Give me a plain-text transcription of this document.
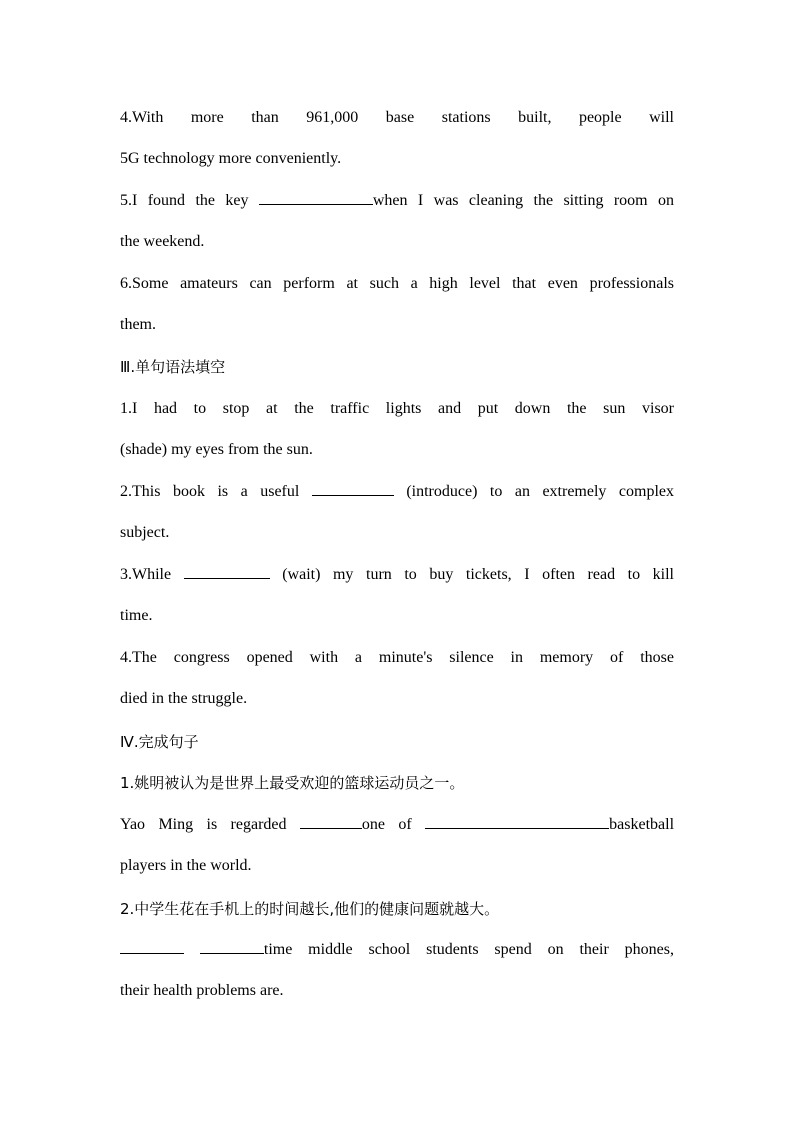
4.With more than 961,000 base stations built, people will
5G technology more conveniently.
5.I found the key	when I was cleaning the sitting room on
the weekend.
6.Some amateurs can perform at such a high level that even professionals
them.
Ⅲ.单句语法填空
1.I had to stop at the traffic lights and put down the sun visor
(shade) my eyes from the sun.
2.This book is a useful	(introduce) to an extremely complex
subject.
3.While	(wait) my turn to buy tickets, I often read to kill
time.
4.The congress opened with a minute's silence in memory of those
died in the struggle.
Ⅳ.完成句子
1.姚明被认为是世界上最受欢迎的篮球运动员之一。
Yao Ming is regarded	one of	basketball
players in the world.
2.中学生花在手机上的时间越长,他们的健康问题就越大。
time middle school students spend on their phones,
their health problems are.
